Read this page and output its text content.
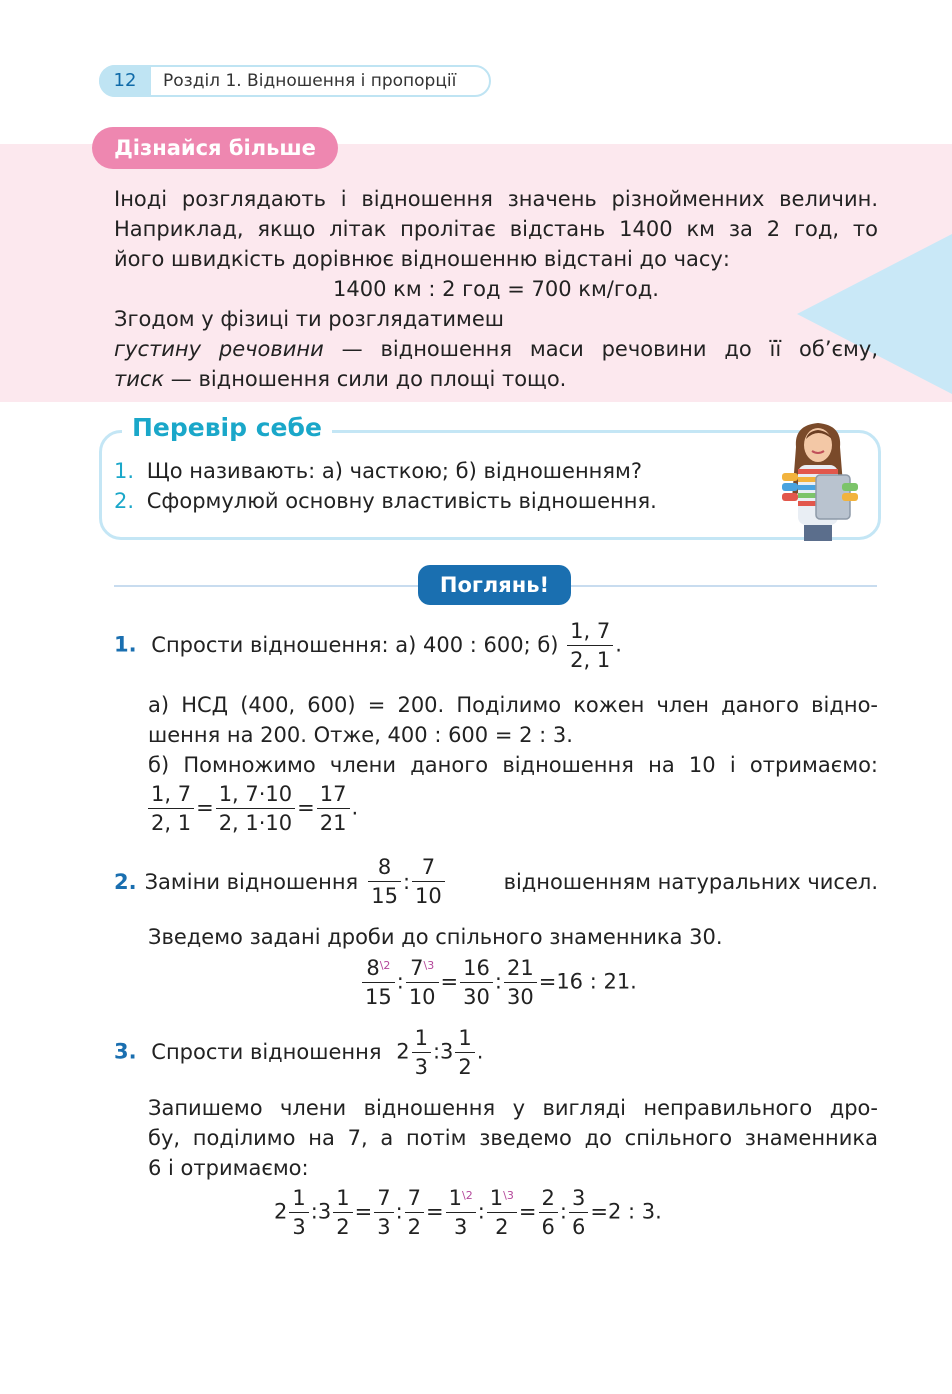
12	Розділ 1. Відношення і пропорції
Дізнайся більше
Іноді розглядають і відношення значень різнойменних величин.
Наприклад, якщо літак пролітає відстань 1400 км за 2 год, то
його швидкість дорівнює відношенню відстані до часу:
1400 км : 2 год = 700 км/год.
Згодом у фізиці ти розглядатимеш
густину речовини — відношення маси речовини до її об’єму,
тиск — відношення сили до площі тощо.
Перевір себе
1. Що називають: а) часткою; б) відношенням?
2. Сформулюй основну властивість відношення.
Поглянь!
1. Спрости відношення: а) 400 : 600; $б) \frac{1, 7}{2, 1}$ .
а) НСД (400, 600) = 200. Поділимо кожен член даного відно-
шення на 200. Отже, 400 : 600 = 2 : 3.
б) Помножимо члени даного відношення на 10 і отримаємо:
$\frac{1, 7}{2, 1} = \frac{1, 7\cdot 10}{2, 1\cdot 10} = \frac{17}{21}$ .
2. Заміни відношення $\frac{8}{15}$ : $\frac{7}{10}$	відношенням натуральних чисел.
Зведемо задані дроби до спільного знаменника 30.
$\frac{8^{\backslash 2}}{15}$ : $\frac{7^{\backslash 3}}{10} = \frac{16}{30}$ : $\frac{21}{30} =16$ : 21.
3. Спрости відношення $2 \frac{1}{3}$ :3 $\frac{1}{2}$ .
Запишемо члени відношення у вигляді неправильного дро-
бу, поділимо на 7, а потім зведемо до спільного знаменника
6 і отримаємо:
$2 \frac{1}{3}$ :3 $\frac{1}{2} = \frac{7}{3}$ : $\frac{7}{2} = \frac{1^{\backslash 2}}{3}$ : $\frac{1^{\backslash 3}}{2} = \frac{2}{6}$ : $\frac{3}{6} =2$ : 3.
